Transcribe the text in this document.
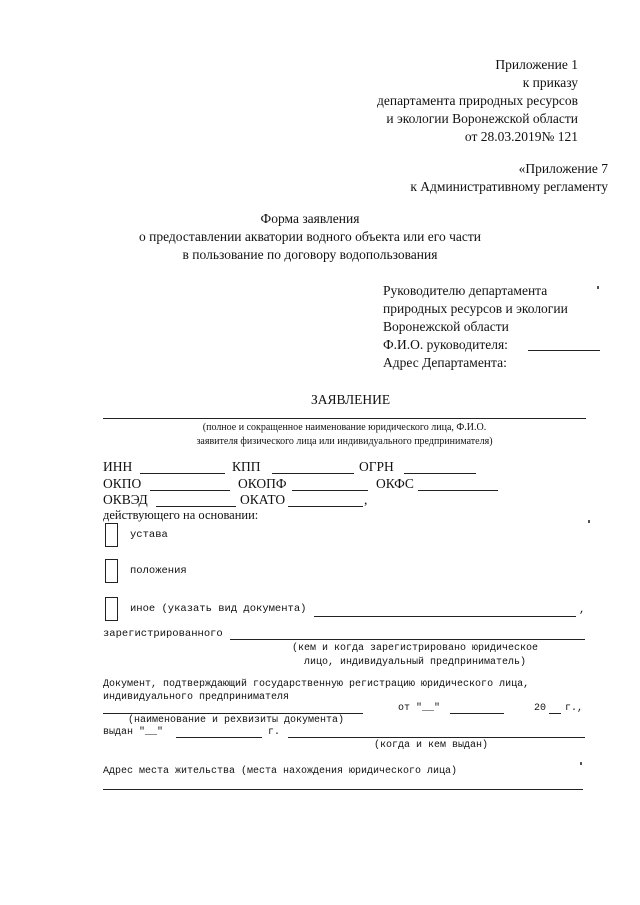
Приложение 1
к приказу
департамента природных ресурсов
и экологии Воронежской области
от 28.03.2019№ 121
«Приложение 7
к Административному регламенту
Форма заявления
о предоставлении акватории водного объекта или его части
в пользование по договору водопользования
Руководителю департамента
природных ресурсов и экологии
Воронежской области
Ф.И.О. руководителя:
Адрес Департамента:
ЗАЯВЛЕНИЕ
(полное и сокращенное наименование юридического лица, Ф.И.О.
заявителя физического лица или индивидуального предпринимателя)
ИНН	КПП	ОГРН
ОКПО	ОКОПФ	ОКФС
ОКВЭД	ОКАТО	,
действующего на основании:
устава
положения
иное (указать вид документа)	,
зарегистрированного
(кем и когда зарегистрировано юридическое
лицо, индивидуальный предприниматель)
Документ, подтверждающий государственную регистрацию юридического лица,
индивидуального предпринимателя
от "__"	20 г.,
(наименование и рехвизиты документа)
выдан "__"	г.
(когда и кем выдан)
Адрес места жительства (места нахождения юридического лица)
